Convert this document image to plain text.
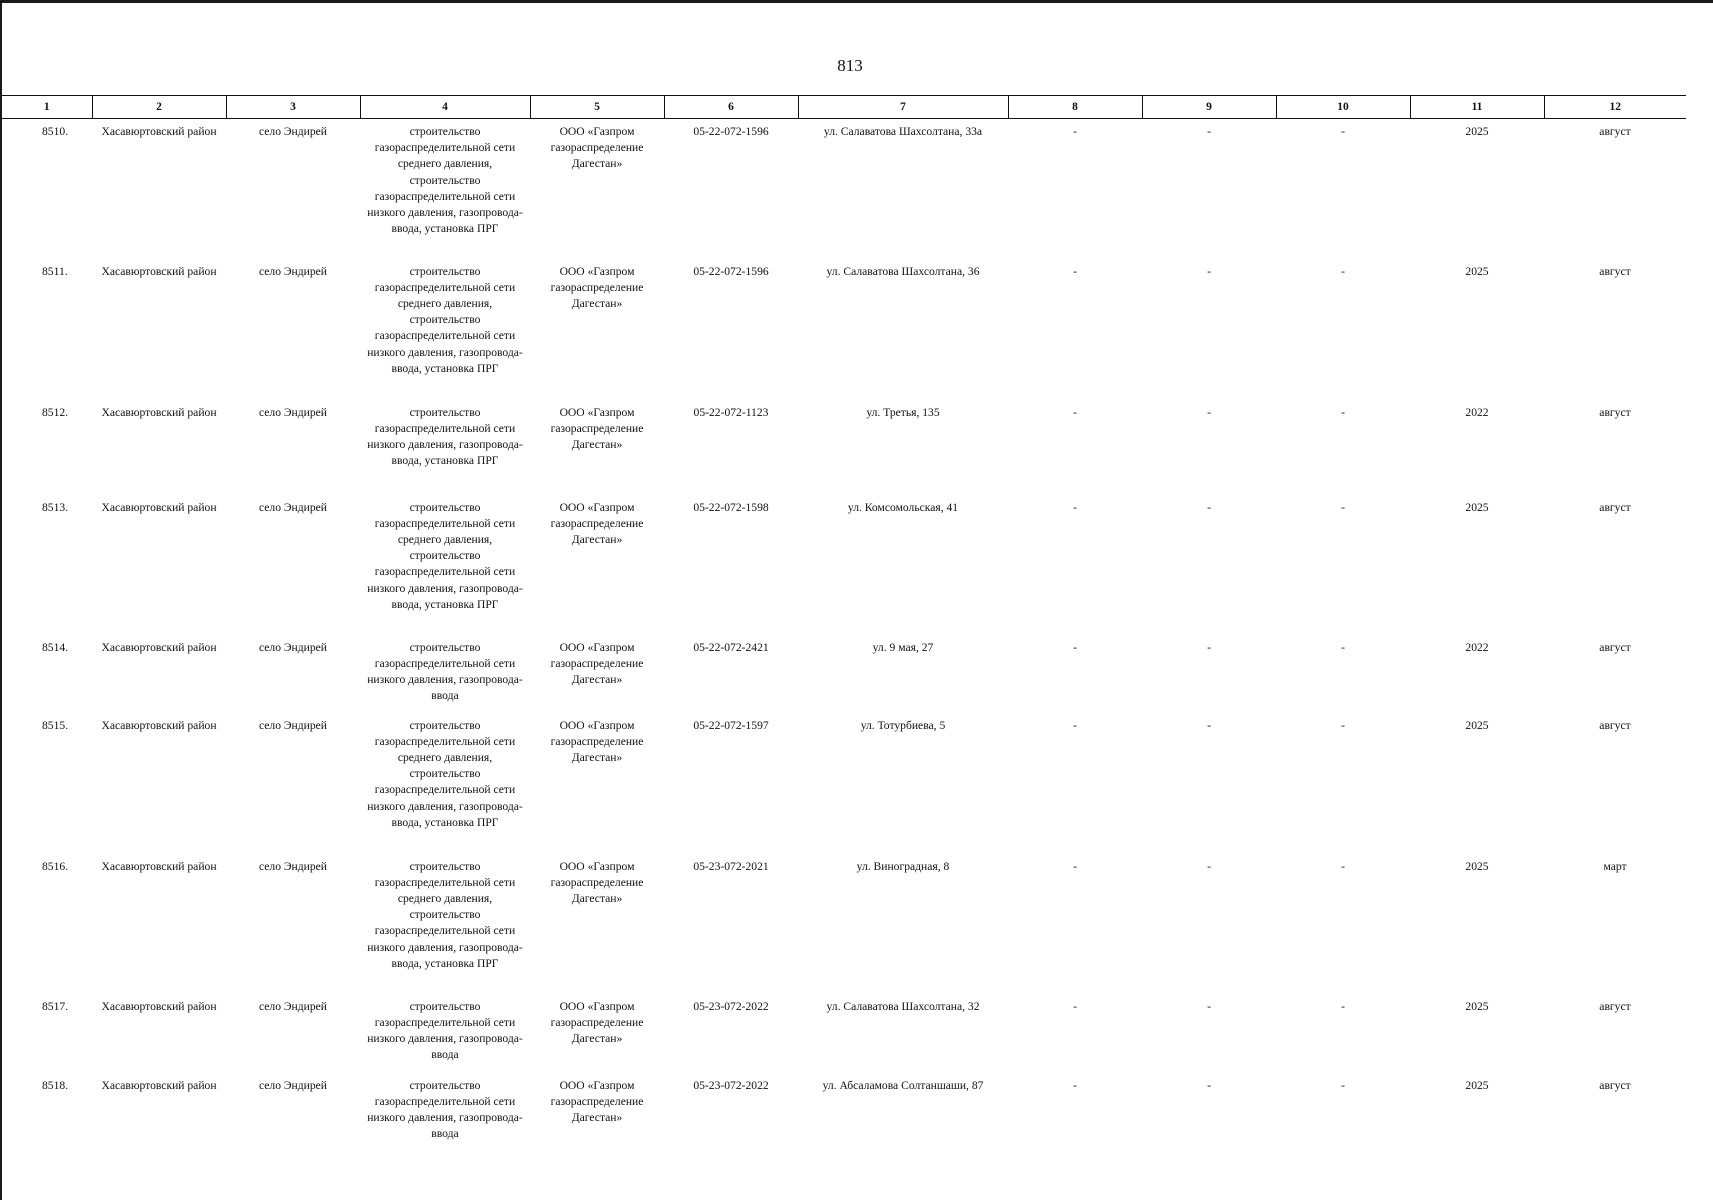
813
1	2	3	4	5	6	7	8	9	10	11	12
8510.	Хасавюртовский район	село Эндирей	строительство газораспределительной сети среднего давления, строительство газораспределительной сети низкого давления, газопровода-ввода, установка ПРГ	ООО «Газпром газораспределение Дагестан»	05-22-072-1596	ул. Салаватова Шахсолтана, 33а	-	-	-	2025	август
8511.	Хасавюртовский район	село Эндирей	строительство газораспределительной сети среднего давления, строительство газораспределительной сети низкого давления, газопровода-ввода, установка ПРГ	ООО «Газпром газораспределение Дагестан»	05-22-072-1596	ул. Салаватова Шахсолтана, 36	-	-	-	2025	август
8512.	Хасавюртовский район	село Эндирей	строительство газораспределительной сети низкого давления, газопровода-ввода, установка ПРГ	ООО «Газпром газораспределение Дагестан»	05-22-072-1123	ул. Третья, 135	-	-	-	2022	август
8513.	Хасавюртовский район	село Эндирей	строительство газораспределительной сети среднего давления, строительство газораспределительной сети низкого давления, газопровода-ввода, установка ПРГ	ООО «Газпром газораспределение Дагестан»	05-22-072-1598	ул. Комсомольская, 41	-	-	-	2025	август
8514.	Хасавюртовский район	село Эндирей	строительство газораспределительной сети низкого давления, газопровода-ввода	ООО «Газпром газораспределение Дагестан»	05-22-072-2421	ул. 9 мая, 27	-	-	-	2022	август
8515.	Хасавюртовский район	село Эндирей	строительство газораспределительной сети среднего давления, строительство газораспределительной сети низкого давления, газопровода-ввода, установка ПРГ	ООО «Газпром газораспределение Дагестан»	05-22-072-1597	ул. Тотурбиева, 5	-	-	-	2025	август
8516.	Хасавюртовский район	село Эндирей	строительство газораспределительной сети среднего давления, строительство газораспределительной сети низкого давления, газопровода-ввода, установка ПРГ	ООО «Газпром газораспределение Дагестан»	05-23-072-2021	ул. Виноградная, 8	-	-	-	2025	март
8517.	Хасавюртовский район	село Эндирей	строительство газораспределительной сети низкого давления, газопровода-ввода	ООО «Газпром газораспределение Дагестан»	05-23-072-2022	ул. Салаватова Шахсолтана, 32	-	-	-	2025	август
8518.	Хасавюртовский район	село Эндирей	строительство газораспределительной сети низкого давления, газопровода-ввода	ООО «Газпром газораспределение Дагестан»	05-23-072-2022	ул. Абсаламова Солтаншаши, 87	-	-	-	2025	август
